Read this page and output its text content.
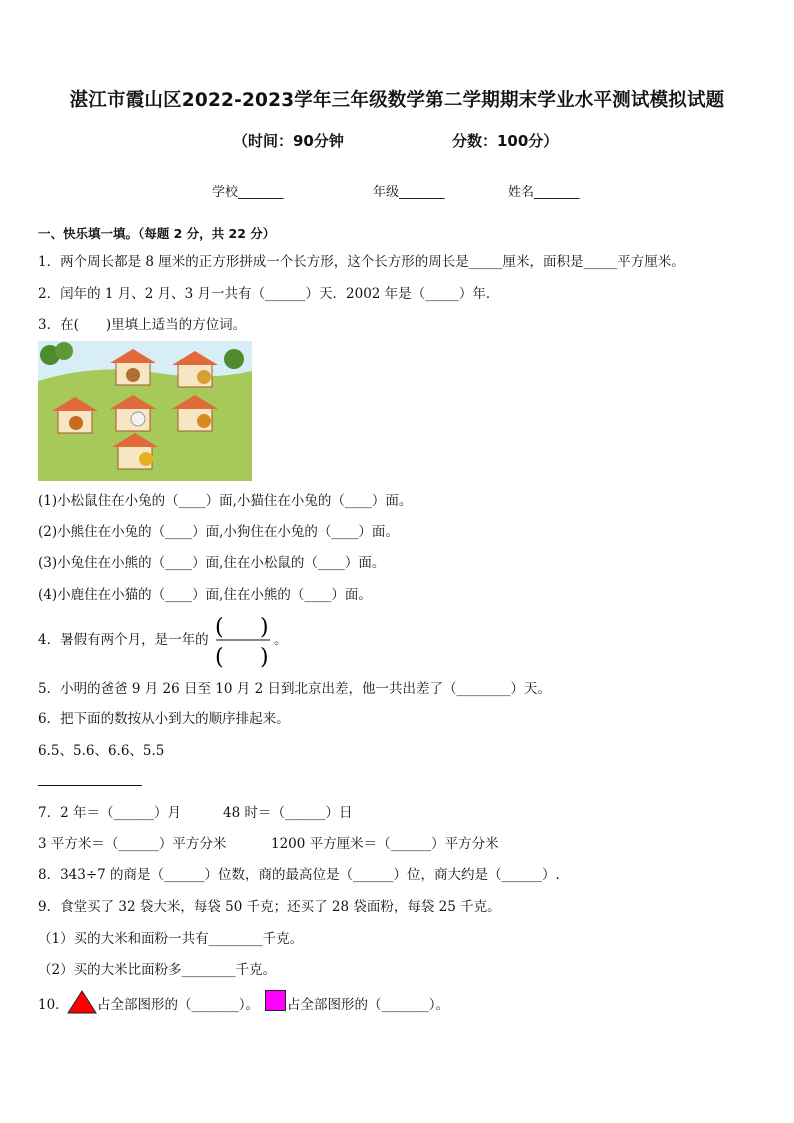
湛江市霞山区2022-2023学年三年级数学第二学期期末学业水平测试模拟试题
（时间：90分钟	分数：100分）
学校_______	年级_______	姓名_______
一、快乐填一填。（每题 2 分，共 22 分）
1．两个周长都是 8 厘米的正方形拼成一个长方形，这个长方形的周长是_____厘米，面积是_____平方厘米。
2．闰年的 1 月、2 月、3 月一共有（______）天．2002 年是（_____）年．
3．在(　　)里填上适当的方位词。
(1)小松鼠住在小兔的（____）面,小猫住在小兔的（____）面。
(2)小熊住在小兔的（____）面,小狗住在小兔的（____）面。
(3)小兔住在小熊的（____）面,住在小松鼠的（____）面。
(4)小鹿住在小猫的（____）面,住在小熊的（____）面。
4．暑假有两个月，是一年的 ( )
( )
。
5．小明的爸爸 9 月 26 日至 10 月 2 日到北京出差，他一共出差了（________）天。
6．把下面的数按从小到大的顺序排起来。
6.5、5.6、6.6、5.5
7．2 年＝（______）月	48 时＝（______）日
3 平方米＝（______）平方分米	1200 平方厘米＝（______）平方分米
8．343÷7 的商是（______）位数，商的最高位是（______）位，商大约是（______）.
9．食堂买了 32 袋大米，每袋 50 千克；还买了 28 袋面粉，每袋 25 千克。
（1）买的大米和面粉一共有________千克。
（2）买的大米比面粉多________千克。
10． 占全部图形的（_______）。 占全部图形的（_______）。
